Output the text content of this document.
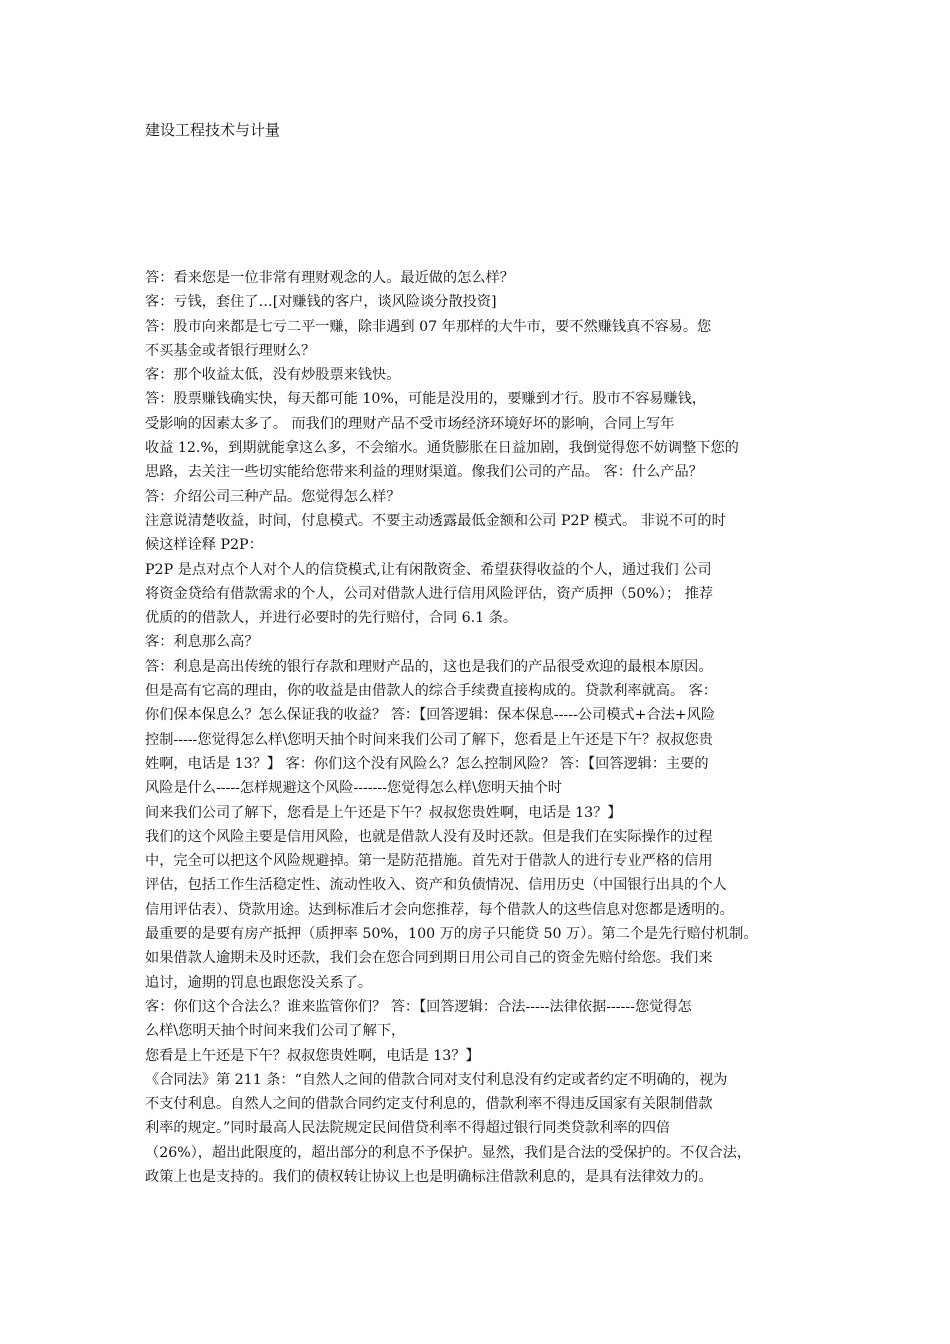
建设工程技术与计量
答：看来您是一位非常有理财观念的人。最近做的怎么样？
客：亏钱，套住了…[对赚钱的客户，谈风险谈分散投资]
答：股市向来都是七亏二平一赚，除非遇到 07 年那样的大牛市，要不然赚钱真不容易。您
不买基金或者银行理财么？
客：那个收益太低，没有炒股票来钱快。
答：股票赚钱确实快，每天都可能 10%，可能是没用的，要赚到才行。股市不容易赚钱，
受影响的因素太多了。 而我们的理财产品不受市场经济环境好坏的影响，合同上写年
收益 12.%，到期就能拿这么多，不会缩水。通货膨胀在日益加剧，我倒觉得您不妨调整下您的
思路，去关注一些切实能给您带来利益的理财渠道。像我们公司的产品。 客：什么产品？
答：介绍公司三种产品。您觉得怎么样？
注意说清楚收益，时间，付息模式。不要主动透露最低金额和公司 P2P 模式。 非说不可的时
候这样诠释 P2P：
P2P 是点对点个人对个人的信贷模式,让有闲散资金、希望获得收益的个人，通过我们 公司
将资金贷给有借款需求的个人，公司对借款人进行信用风险评估，资产质押（50%）； 推荐
优质的的借款人，并进行必要时的先行赔付，合同 6.1 条。
客：利息那么高？
答：利息是高出传统的银行存款和理财产品的，这也是我们的产品很受欢迎的最根本原因。
但是高有它高的理由，你的收益是由借款人的综合手续费直接构成的。贷款利率就高。 客：
你们保本保息么？怎么保证我的收益？ 答：【回答逻辑：保本保息-----公司模式+合法+风险
控制-----您觉得怎么样\您明天抽个时间来我们公司了解下，您看是上午还是下午？叔叔您贵
姓啊，电话是 13？】 客：你们这个没有风险么？怎么控制风险？ 答：【回答逻辑：主要的
风险是什么-----怎样规避这个风险-------您觉得怎么样\您明天抽个时
间来我们公司了解下，您看是上午还是下午？叔叔您贵姓啊，电话是 13？】
我们的这个风险主要是信用风险，也就是借款人没有及时还款。但是我们在实际操作的过程
中，完全可以把这个风险规避掉。第一是防范措施。首先对于借款人的进行专业严格的信用
评估，包括工作生活稳定性、流动性收入、资产和负债情况、信用历史（中国银行出具的个人
信用评估表）、贷款用途。达到标准后才会向您推荐，每个借款人的这些信息对您都是透明的。
最重要的是要有房产抵押（质押率 50%，100 万的房子只能贷 50 万）。第二个是先行赔付机制。
如果借款人逾期未及时还款，我们会在您合同到期日用公司自己的资金先赔付给您。我们来
追讨，逾期的罚息也跟您没关系了。
客：你们这个合法么？谁来监管你们？ 答：【回答逻辑：合法-----法律依据------您觉得怎
么样\您明天抽个时间来我们公司了解下，
您看是上午还是下午？叔叔您贵姓啊，电话是 13？】
《合同法》第 211 条：“自然人之间的借款合同对支付利息没有约定或者约定不明确的，视为
不支付利息。自然人之间的借款合同约定支付利息的，借款利率不得违反国家有关限制借款
利率的规定。”同时最高人民法院规定民间借贷利率不得超过银行同类贷款利率的四倍
（26%），超出此限度的，超出部分的利息不予保护。显然，我们是合法的受保护的。不仅合法，
政策上也是支持的。我们的债权转让协议上也是明确标注借款利息的，是具有法律效力的。
